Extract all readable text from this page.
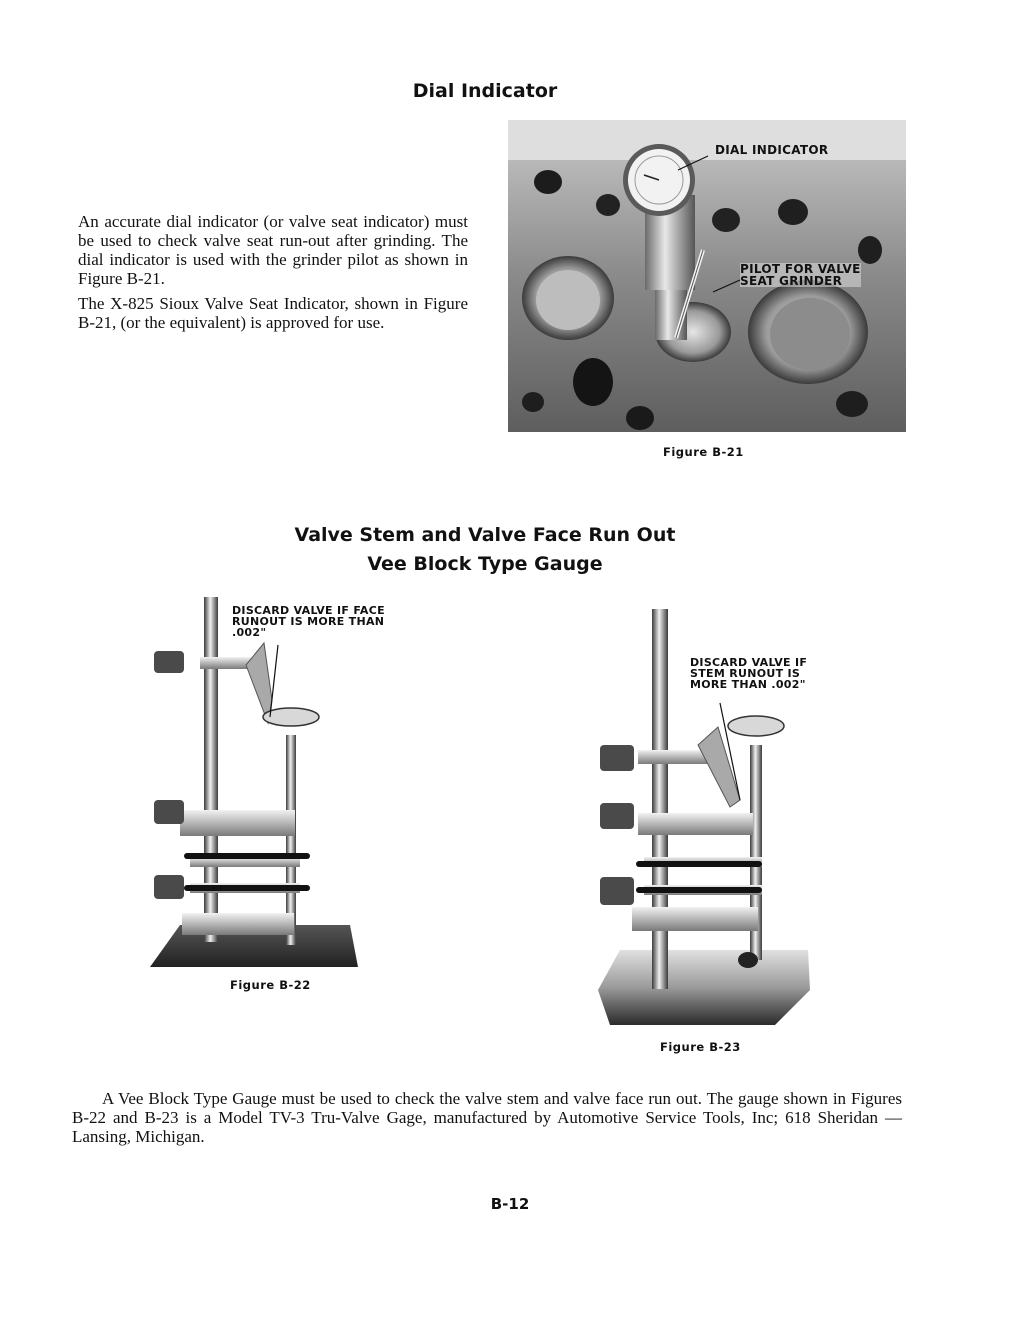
Dial Indicator

An accurate dial indicator (or valve seat indicator) must be used to check valve seat run-out after grinding. The dial indicator is used with the grinder pilot as shown in Figure B-21.

The X-825 Sioux Valve Seat Indicator, shown in Figure B-21, (or the equivalent) is approved for use.

DIAL INDICATOR
PILOT FOR VALVE
SEAT GRINDER
Figure B-21
Valve Stem and Valve Face Run Out
Vee Block Type Gauge
DISCARD VALVE IF FACE
RUNOUT IS MORE THAN
.002"
Figure B-22
DISCARD VALVE IF
STEM RUNOUT IS
MORE THAN .002"
Figure B-23
A Vee Block Type Gauge must be used to check the valve stem and valve face run out. The gauge shown in Figures B-22 and B-23 is a Model TV-3 Tru-Valve Gage, manufactured by Automotive Service Tools, Inc; 618 Sheridan — Lansing, Michigan.
B-12
